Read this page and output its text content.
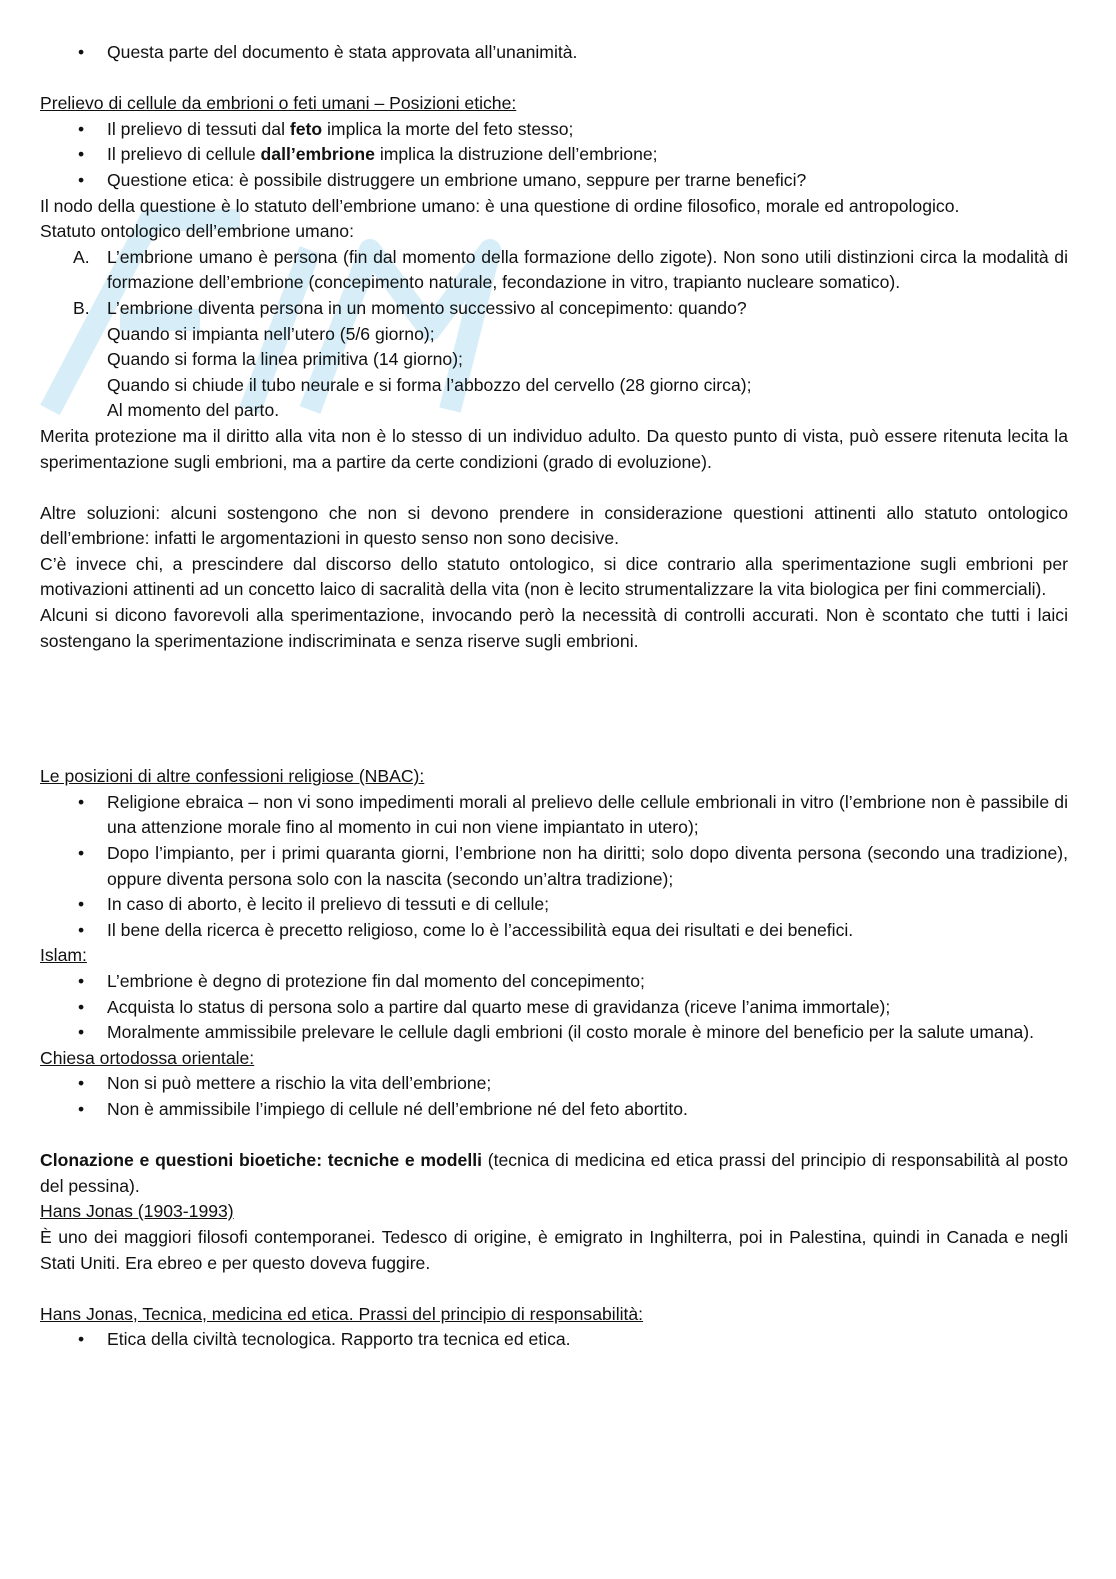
• Questa parte del documento è stata approvata all’unanimità.

Prelievo di cellule da embrioni o feti umani – Posizioni etiche:

• Il prelievo di tessuti dal feto implica la morte del feto stesso;
• Il prelievo di cellule dall’embrione implica la distruzione dell’embrione;
• Questione etica: è possibile distruggere un embrione umano, seppure per trarne benefici?

Il nodo della questione è lo statuto dell’embrione umano: è una questione di ordine filosofico, morale ed antropologico.

Statuto ontologico dell’embrione umano:

A. L’embrione umano è persona (fin dal momento della formazione dello zigote). Non sono utili distinzioni circa la modalità di formazione dell’embrione (concepimento naturale, fecondazione in vitro, trapianto nucleare somatico).
B. L’embrione diventa persona in un momento successivo al concepimento: quando?
Quando si impianta nell’utero (5/6 giorno);
Quando si forma la linea primitiva (14 giorno);
Quando si chiude il tubo neurale e si forma l’abbozzo del cervello (28 giorno circa);
Al momento del parto.

Merita protezione ma il diritto alla vita non è lo stesso di un individuo adulto. Da questo punto di vista, può essere ritenuta lecita la sperimentazione sugli embrioni, ma a partire da certe condizioni (grado di evoluzione).

Altre soluzioni: alcuni sostengono che non si devono prendere in considerazione questioni attinenti allo statuto ontologico dell’embrione: infatti le argomentazioni in questo senso non sono decisive.

C’è invece chi, a prescindere dal discorso dello statuto ontologico, si dice contrario alla sperimentazione sugli embrioni per motivazioni attinenti ad un concetto laico di sacralità della vita (non è lecito strumentalizzare la vita biologica per fini commerciali).

Alcuni si dicono favorevoli alla sperimentazione, invocando però la necessità di controlli accurati. Non è scontato che tutti i laici sostengano la sperimentazione indiscriminata e senza riserve sugli embrioni.

Le posizioni di altre confessioni religiose (NBAC):

• Religione ebraica – non vi sono impedimenti morali al prelievo delle cellule embrionali in vitro (l’embrione non è passibile di una attenzione morale fino al momento in cui non viene impiantato in utero);
• Dopo l’impianto, per i primi quaranta giorni, l’embrione non ha diritti; solo dopo diventa persona (secondo una tradizione), oppure diventa persona solo con la nascita (secondo un’altra tradizione);
• In caso di aborto, è lecito il prelievo di tessuti e di cellule;
• Il bene della ricerca è precetto religioso, come lo è l’accessibilità equa dei risultati e dei benefici.

Islam:

• L’embrione è degno di protezione fin dal momento del concepimento;
• Acquista lo status di persona solo a partire dal quarto mese di gravidanza (riceve l’anima immortale);
• Moralmente ammissibile prelevare le cellule dagli embrioni (il costo morale è minore del beneficio per la salute umana).

Chiesa ortodossa orientale:

• Non si può mettere a rischio la vita dell’embrione;
• Non è ammissibile l’impiego di cellule né dell’embrione né del feto abortito.

Clonazione e questioni bioetiche: tecniche e modelli (tecnica di medicina ed etica prassi del principio di responsabilità al posto del pessina).

Hans Jonas (1903-1993)

È uno dei maggiori filosofi contemporanei. Tedesco di origine, è emigrato in Inghilterra, poi in Palestina, quindi in Canada e negli Stati Uniti. Era ebreo e per questo doveva fuggire.

Hans Jonas, Tecnica, medicina ed etica. Prassi del principio di responsabilità:

• Etica della civiltà tecnologica. Rapporto tra tecnica ed etica.
